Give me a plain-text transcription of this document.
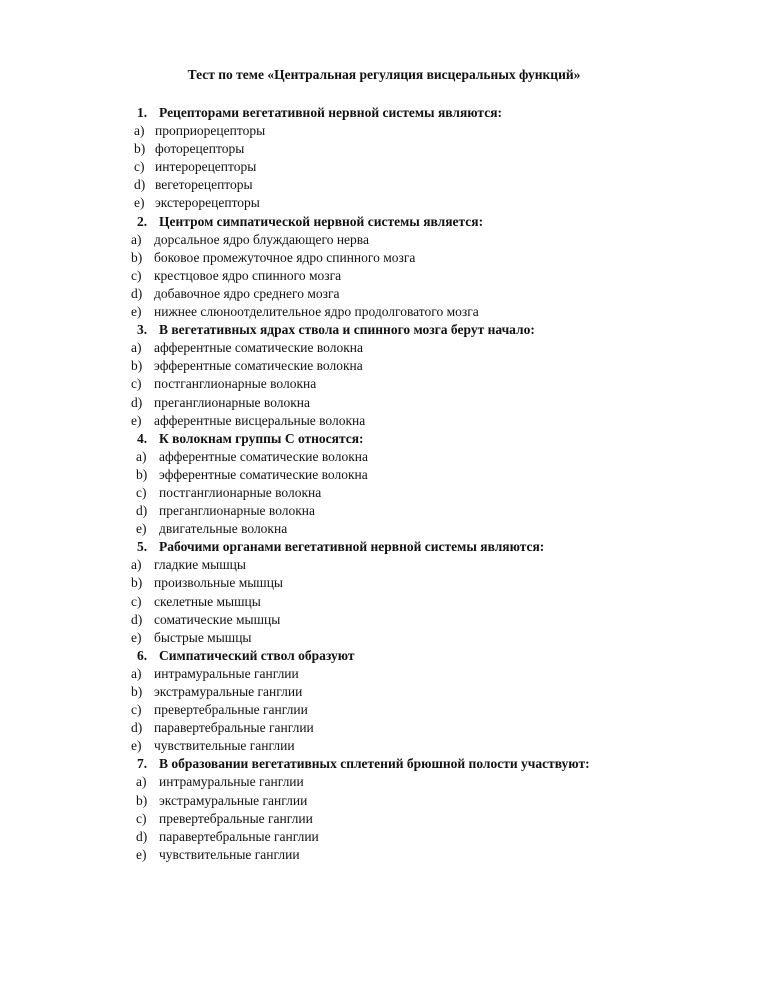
Тест по теме «Центральная регуляция висцеральных функций»
1. Рецепторами вегетативной нервной системы являются:
a) проприорецепторы
b) фоторецепторы
c) интерорецепторы
d) вегеторецепторы
e) экстерорецепторы
2. Центром симпатической нервной системы является:
a) дорсальное ядро блуждающего нерва
b) боковое промежуточное ядро спинного мозга
c) крестцовое ядро спинного мозга
d) добавочное ядро среднего мозга
e) нижнее слюноотделительное ядро продолговатого мозга
3. В вегетативных ядрах ствола и спинного мозга берут начало:
a) афферентные соматические волокна
b) эфферентные соматические волокна
c) постганглионарные волокна
d) преганглионарные волокна
e) афферентные висцеральные волокна
4. К волокнам группы С относятся:
a) афферентные соматические волокна
b) эфферентные соматические волокна
c) постганглионарные волокна
d) преганглионарные волокна
e) двигательные волокна
5. Рабочими органами вегетативной нервной системы являются:
a) гладкие мышцы
b) произвольные мышцы
c) скелетные мышцы
d) соматические мышцы
e) быстрые мышцы
6. Симпатический ствол образуют
a) интрамуральные ганглии
b) экстрамуральные ганглии
c) превертебральные ганглии
d) паравертебральные ганглии
e) чувствительные ганглии
7. В образовании вегетативных сплетений брюшной полости участвуют:
a) интрамуральные ганглии
b) экстрамуральные ганглии
c) превертебральные ганглии
d) паравертебральные ганглии
e) чувствительные ганглии
